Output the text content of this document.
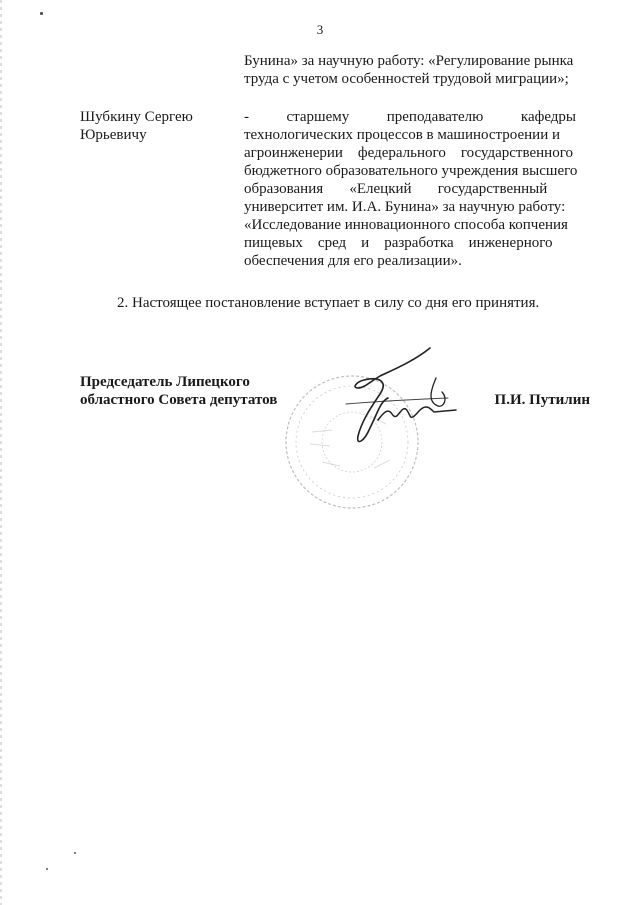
3
Бунина» за научную работу: «Регулирование рынка
труда с учетом особенностей трудовой миграции»;
Шубкину Сергею
Юрьевичу
-          старшему          преподавателю          кафедры
технологических процессов в машиностроении и
агроинженерии    федерального    государственного
бюджетного образовательного учреждения высшего
образования       «Елецкий       государственный
университет им. И.А. Бунина» за научную работу:
«Исследование инновационного способа копчения
пищевых    сред    и    разработка    инженерного
обеспечения для его реализации».
2. Настоящее постановление вступает в силу со дня его принятия.
Председатель Липецкого
областного Совета депутатов	П.И. Путилин
